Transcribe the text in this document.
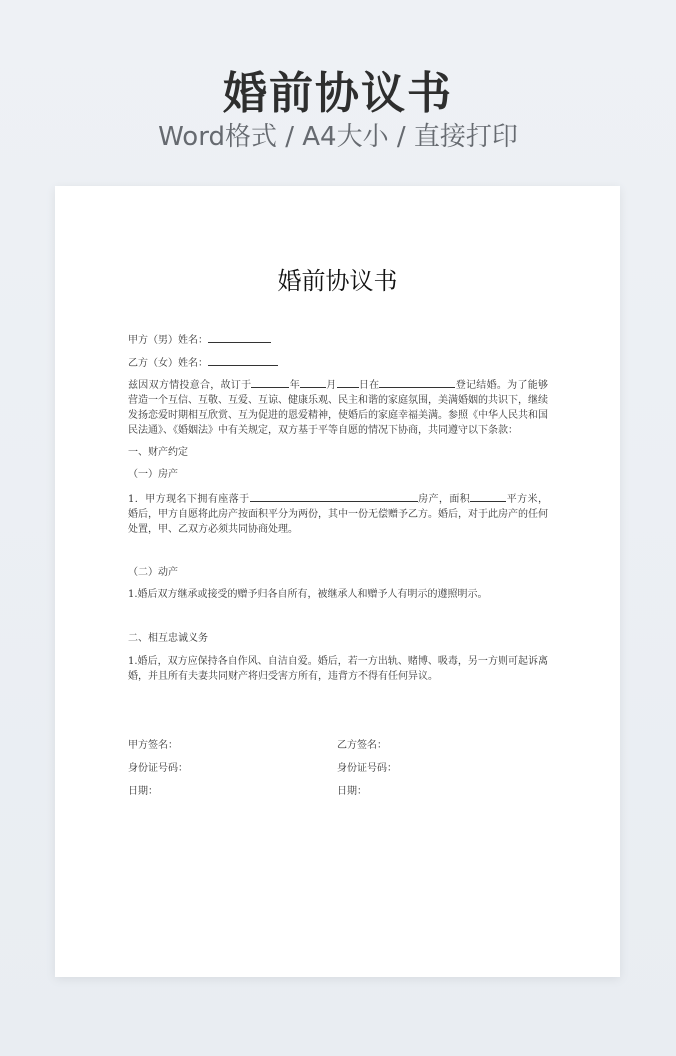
婚前协议书
Word格式 / A4大小 / 直接打印
婚前协议书
甲方（男）姓名：
乙方（女）姓名：
兹因双方情投意合，故订于	年	月 日在	登记结婚。为了能够营造一个互信、互敬、互爱、互谅、健康乐观、民主和谐的家庭氛围，美满婚姻的共识下，继续发扬恋爱时期相互欣赏、互为促进的恩爱精神，使婚后的家庭幸福美满。参照《中华人民共和国民法通》、《婚姻法》中有关规定，双方基于平等自愿的情况下协商，共同遵守以下条款：
一、财产约定
（一）房产
1．甲方现名下拥有座落于	房产，面积	平方米，婚后，甲方自愿将此房产按面积平分为两份，其中一份无偿赠予乙方。婚后，对于此房产的任何处置，甲、乙双方必须共同协商处理。
（二）动产
1.婚后双方继承或接受的赠予归各自所有，被继承人和赠予人有明示的遵照明示。
二、相互忠诚义务
1.婚后，双方应保持各自作风、自洁自爱。婚后，若一方出轨、赌博、吸毒，另一方则可起诉离婚，并且所有夫妻共同财产将归受害方所有，违背方不得有任何异议。
甲方签名：	乙方签名：
身份证号码：	身份证号码：
日期：	日期：
